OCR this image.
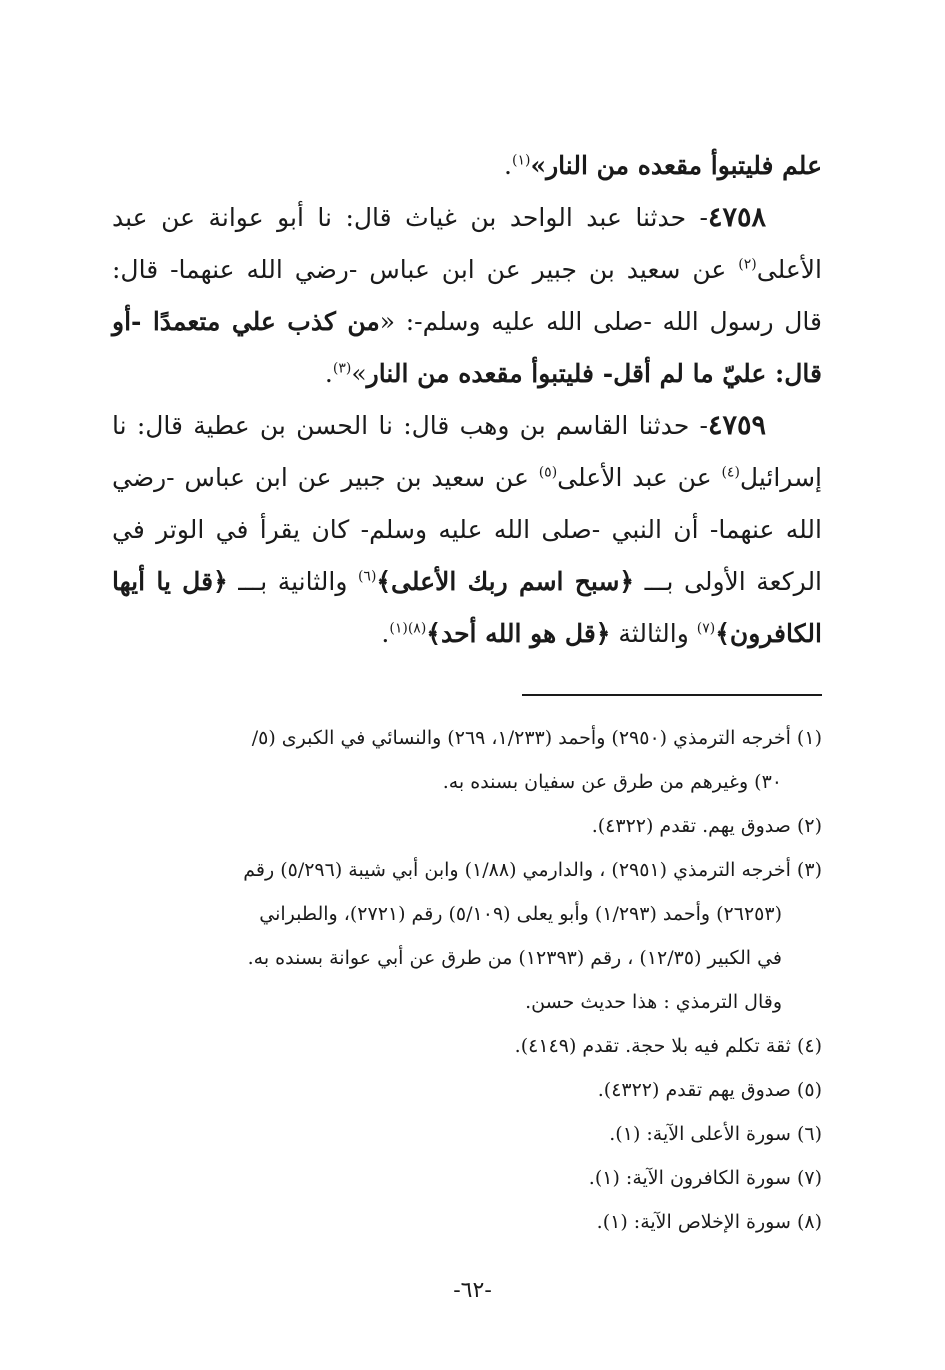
علم فليتبوأ مقعده من النار»$^{(١)}$.

٤٧٥٨- حدثنا عبد الواحد بن غياث قال: نا أبو عوانة عن عبد الأعلى$^{(٢)}$ عن سعيد بن جبير عن ابن عباس -رضي الله عنهما- قال: قال رسول الله -صلى الله عليه وسلم-: «من كذب علي متعمدًا -أو قال: عليّ ما لم أقل- فليتبوأ مقعده من النار»$^{(٣)}$.

٤٧٥٩- حدثنا القاسم بن وهب قال: نا الحسن بن عطية قال: نا إسرائيل$^{(٤)}$ عن عبد الأعلى$^{(٥)}$ عن سعيد بن جبير عن ابن عباس -رضي الله عنهما- أن النبي -صلى الله عليه وسلم- كان يقرأ في الوتر في الركعة الأولى بـــ ﴿سبح اسم ربك الأعلى﴾$^{(٦)}$ والثانية بـــ ﴿قل يا أيها الكافرون﴾$^{(٧)}$ والثالثة ﴿قل هو الله أحد﴾$^{(٨)(١)}$.

(١) أخرجه الترمذي (٢٩٥٠) وأحمد (١/٢٣٣، ٢٦٩) والنسائي في الكبرى (٥/
٣٠) وغيرهم من طرق عن سفيان بسنده به.

(٢) صدوق يهم. تقدم (٤٣٢٢).

(٣) أخرجه الترمذي (٢٩٥١) ، والدارمي (١/٨٨) وابن أبي شيبة (٥/٢٩٦) رقم
(٢٦٢٥٣) وأحمد (١/٢٩٣) وأبو يعلى (٥/١٠٩) رقم (٢٧٢١)، والطبراني
في الكبير (١٢/٣٥) ، رقم (١٢٣٩٣) من طرق عن أبي عوانة بسنده به.
وقال الترمذي : هذا حديث حسن.

(٤) ثقة تكلم فيه بلا حجة. تقدم (٤١٤٩).

(٥) صدوق يهم تقدم (٤٣٢٢).

(٦) سورة الأعلى الآية: (١).

(٧) سورة الكافرون الآية: (١).

(٨) سورة الإخلاص الآية: (١).

-٦٢-
